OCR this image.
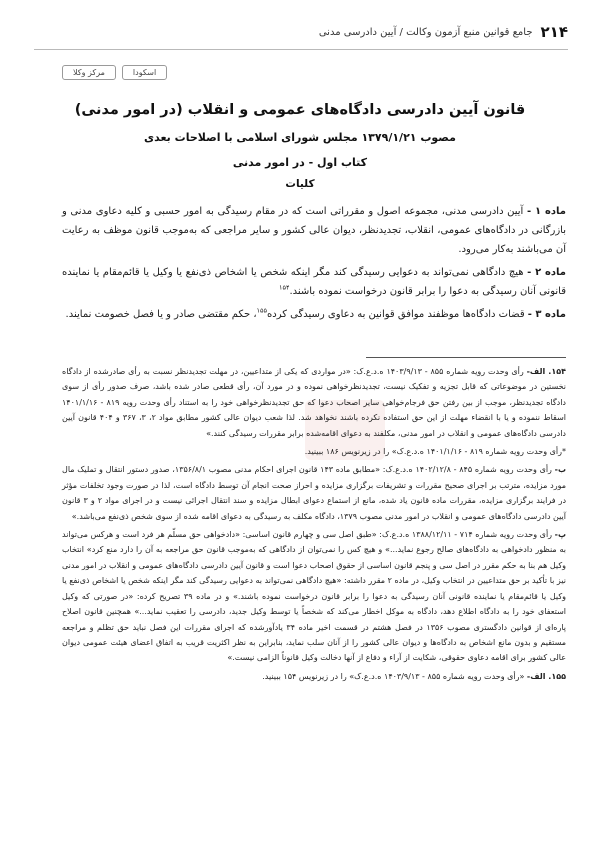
۲۱۴
جامع قوانین منبع آزمون وکالت / آیین دادرسی مدنی
اسکودا
مرکز وکلا
قانون آیین دادرسی دادگاه‌های عمومی و انقلاب (در امور مدنی)
مصوب ۱۳۷۹/۱/۲۱ مجلس شورای اسلامی با اصلاحات بعدی
کتاب اول - در امور مدنی
کلیات

ماده ۱ - آیین دادرسی مدنی، مجموعه اصول و مقرراتی است که در مقام رسیدگی به امور حسبی و کلیه دعاوی مدنی و بازرگانی در دادگاه‌های عمومی، انقلاب، تجدیدنظر، دیوان عالی کشور و سایر مراجعی که به‌موجب قانون موظف به رعایت آن می‌باشند به‌کار می‌رود.

ماده ۲ - هیچ دادگاهی نمی‌تواند به دعوایی رسیدگی کند مگر اینکه شخص یا اشخاص ذی‌نفع یا وکیل یا قائم‌مقام یا نماینده قانونی آنان رسیدگی به دعوا را برابر قانون درخواست نموده باشند.$^{۱۵۴}$

ماده ۳ - قضات دادگاه‌ها موظفند موافق قوانین به دعاوی رسیدگی کرده$^{۱۵۵}$، حکم مقتضی صادر و یا فصل خصومت نمایند.

۱۵۴. الف- رأی وحدت رویه شماره ۸۵۵ - ۱۴۰۳/۹/۱۳ ه.د.ع.ک: «در مواردی که یکی از متداعیین، در مهلت تجدیدنظر نسبت به رأی صادرشده از دادگاه نخستین در موضوعاتی که قابل تجزیه و تفکیک نیست، تجدیدنظرخواهی نموده و در مورد آن، رأی قطعی صادر شده باشد، صرف صدور رأی از سوی دادگاه تجدیدنظر، موجب از بین رفتن حق فرجام‌خواهی سایر اصحاب دعوا که حق تجدیدنظرخواهی خود را به استناد رأی وحدت رویه ۸۱۹ - ۱۴۰۱/۱/۱۶ اسقاط ننموده و یا با انقضاء مهلت از این حق استفاده نکرده باشند نخواهد شد. لذا شعب دیوان عالی کشور مطابق مواد ۲، ۳، ۳۶۷ و ۴۰۴ قانون آیین دادرسی دادگاه‌های عمومی و انقلاب در امور مدنی، مکلفند به دعوای اقامه‌شده برابر مقررات رسیدگی کنند.»

*رأی وحدت رویه شماره ۸۱۹ - ۱۴۰۱/۱/۱۶ ه.د.ع.ک» را در زیرنویس ۱۸۶ ببینید.

ب- رأی وحدت رویه شماره ۸۴۵ - ۱۴۰۲/۱۲/۸ ه.د.ع.ک: «مطابق ماده ۱۴۳ قانون اجرای احکام مدنی مصوب ۱۳۵۶/۸/۱، صدور دستور انتقال و تملیک مال مورد مزایده، مترتب بر اجرای صحیح مقررات و تشریفات برگزاری مزایده و احراز صحت انجام آن توسط دادگاه است، لذا در صورت وجود تخلفات مؤثر در فرایند برگزاری مزایده، مقررات ماده قانون یاد شده، مانع از استماع دعوای ابطال مزایده و سند انتقال اجرائی نیست و در اجرای مواد ۲ و ۳ قانون آیین دادرسی دادگاه‌های عمومی و انقلاب در امور مدنی مصوب ۱۳۷۹، دادگاه مکلف به رسیدگی به دعوای اقامه شده از سوی شخص ذی‌نفع می‌باشد.»

پ- رأی وحدت رویه شماره ۷۱۴ - ۱۳۸۸/۱۲/۱۱ ه.د.ع.ک: «طبق اصل سی و چهارم قانون اساسی: «دادخواهی حق مسلّم هر فرد است و هرکس می‌تواند به منظور دادخواهی به دادگاه‌های صالح رجوع نماید...» و هیچ کس را نمی‌توان از دادگاهی که به‌موجب قانون حق مراجعه به آن را دارد منع کرد» انتخاب وکیل هم بنا به حکم مقرر در اصل سی و پنجم قانون اساسی از حقوق اصحاب دعوا است و قانون آیین دادرسی دادگاه‌های عمومی و انقلاب در امور مدنی نیز با تأکید بر حق متداعیین در انتخاب وکیل، در ماده ۲ مقرر داشته: «هیچ دادگاهی نمی‌تواند به دعوایی رسیدگی کند مگر اینکه شخص یا اشخاص ذی‌نفع یا وکیل یا قائم‌مقام یا نماینده قانونی آنان رسیدگی به دعوا را برابر قانون درخواست نموده باشند.» و در ماده ۳۹ تصریح کرده: «در صورتی که وکیل استعفای خود را به دادگاه اطلاع دهد، دادگاه به موکل اخطار می‌کند که شخصاً یا توسط وکیل جدید، دادرسی را تعقیب نماید...» همچنین قانون اصلاح پاره‌ای از قوانین دادگستری مصوب ۱۳۵۶ در فصل هشتم در قسمت اخیر ماده ۳۴ یادآورشده که اجرای مقررات این فصل نباید حق تظلم و مراجعه مستقیم و بدون مانع اشخاص به دادگاه‌ها و دیوان عالی کشور را از آنان سلب نماید، بنابراین به نظر اکثریت قریب به اتفاق اعضای هیئت عمومی دیوان عالی کشور برای اقامه دعاوی حقوقی، شکایت از آراء و دفاع از آنها دخالت وکیل قانوناً الزامی نیست.»

۱۵۵. الف- «رأی وحدت رویه شماره ۸۵۵ - ۱۴۰۳/۹/۱۳ ه.د.ع.ک» را در زیرنویس ۱۵۴ ببینید.
